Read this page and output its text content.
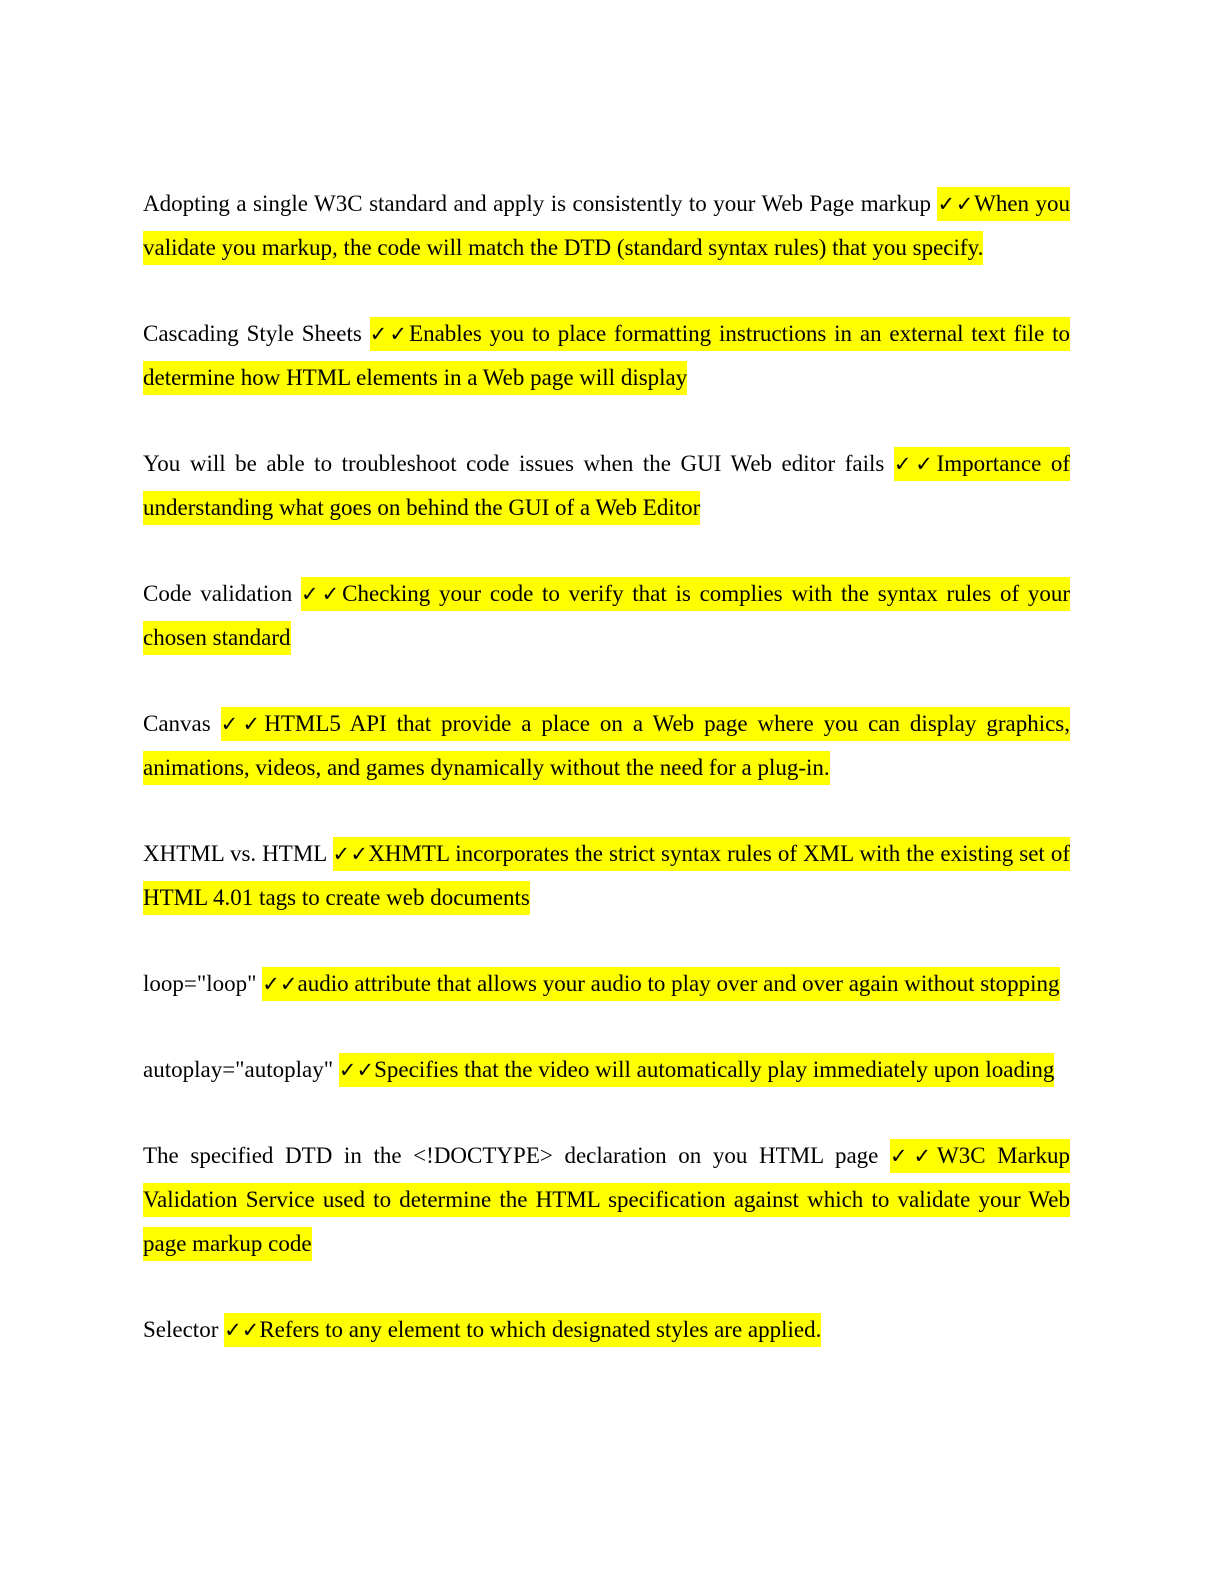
Adopting a single W3C standard and apply is consistently to your Web Page markup ✓✓When you validate you markup, the code will match the DTD (standard syntax rules) that you specify.

Cascading Style Sheets ✓✓Enables you to place formatting instructions in an external text file to determine how HTML elements in a Web page will display

You will be able to troubleshoot code issues when the GUI Web editor fails ✓✓Importance of understanding what goes on behind the GUI of a Web Editor

Code validation ✓✓Checking your code to verify that is complies with the syntax rules of your chosen standard

Canvas ✓✓HTML5 API that provide a place on a Web page where you can display graphics, animations, videos, and games dynamically without the need for a plug-in.

XHTML vs. HTML ✓✓XHMTL incorporates the strict syntax rules of XML with the existing set of HTML 4.01 tags to create web documents

loop="loop" ✓✓audio attribute that allows your audio to play over and over again without stopping

autoplay="autoplay" ✓✓Specifies that the video will automatically play immediately upon loading

The specified DTD in the <!DOCTYPE> declaration on you HTML page ✓✓W3C Markup Validation Service used to determine the HTML specification against which to validate your Web page markup code

Selector ✓✓Refers to any element to which designated styles are applied.
